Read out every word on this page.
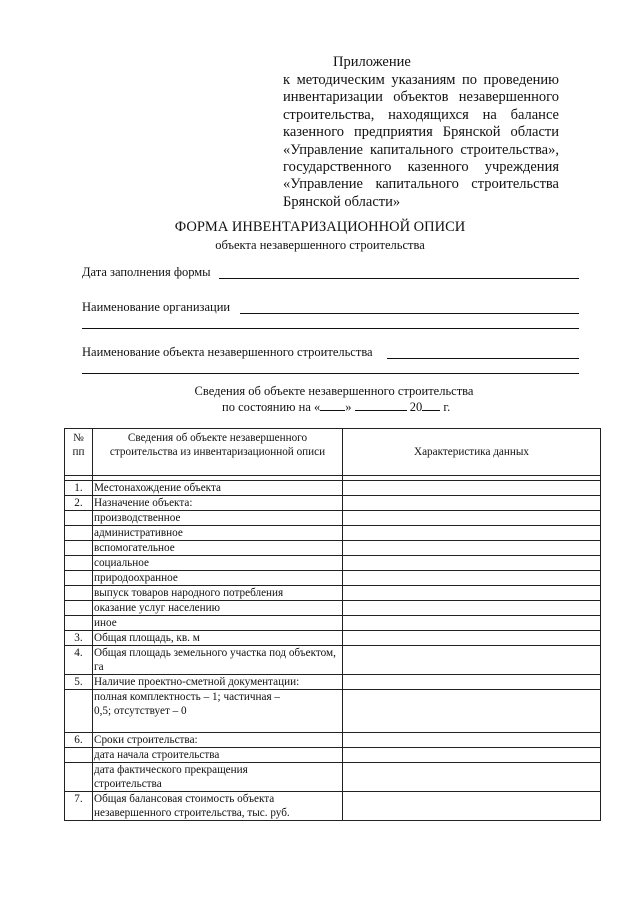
Приложение
к методическим указаниям по проведению
инвентаризации объектов незавершенного
строительства, находящихся на балансе
казенного предприятия Брянской области
«Управление капитального строительства»,
государственного казенного учреждения
«Управление капитального строительства
Брянской области»
ФОРМА ИНВЕНТАРИЗАЦИОННОЙ ОПИСИ
объекта незавершенного строительства
Дата заполнения формы
Наименование организации
Наименование объекта незавершенного строительства
Сведения об объекте незавершенного строительства
по состоянию на « »	20 г.
№ пп	Сведения об объекте незавершенного строительства из инвентаризационной описи	Характеристика данных

1.	Местонахождение объекта	
2.	Назначение объекта:	
	производственное	
	административное	
	вспомогательное	
	социальное	
	природоохранное	
	выпуск товаров народного потребления	
	оказание услуг населению	
	иное	
3.	Общая площадь, кв. м	
4.	Общая площадь земельного участка под объектом, га	
5.	Наличие проектно-сметной документации:	
	полная комплектность – 1; частичная – 0,5; отсутствует – 0	
6.	Сроки строительства:	
	дата начала строительства	
	дата фактического прекращения строительства	
7.	Общая балансовая стоимость объекта незавершенного строительства, тыс. руб.	
